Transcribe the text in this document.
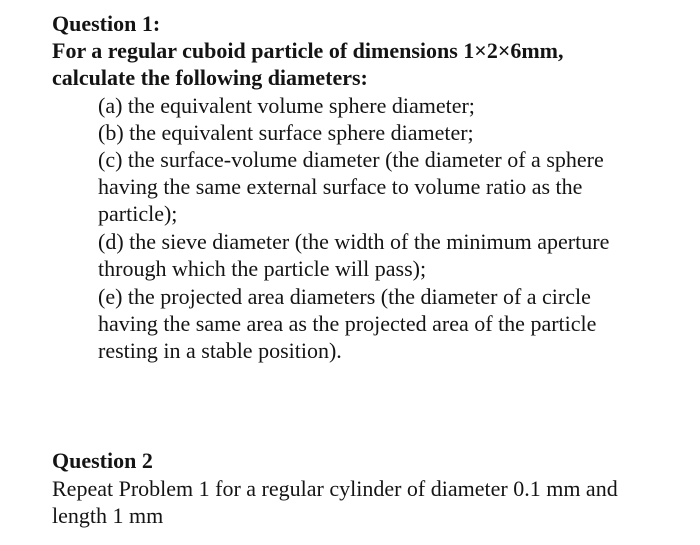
Question 1:
For a regular cuboid particle of dimensions 1×2×6mm,
calculate the following diameters:
(a) the equivalent volume sphere diameter;
(b) the equivalent surface sphere diameter;
(c) the surface-volume diameter (the diameter of a sphere
having the same external surface to volume ratio as the
particle);
(d) the sieve diameter (the width of the minimum aperture
through which the particle will pass);
(e) the projected area diameters (the diameter of a circle
having the same area as the projected area of the particle
resting in a stable position).
Question 2
Repeat Problem 1 for a regular cylinder of diameter 0.1 mm and
length 1 mm
